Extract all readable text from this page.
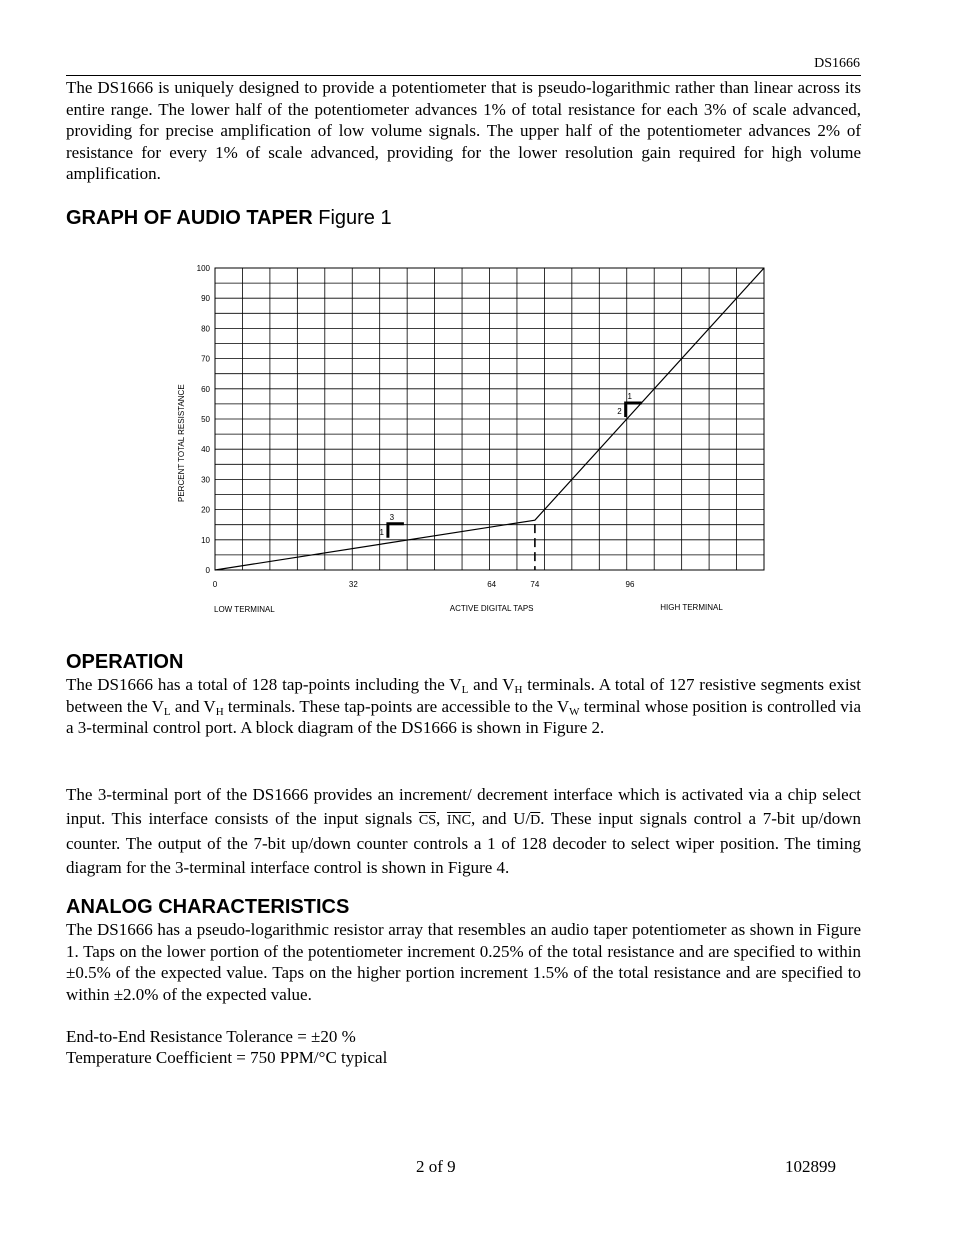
DS1666

The DS1666 is uniquely designed to provide a potentiometer that is pseudo-logarithmic rather than linear across its entire range. The lower half of the potentiometer advances 1% of total resistance for each 3% of scale advanced, providing for precise amplification of low volume signals. The upper half of the potentiometer advances 2% of resistance for every 1% of scale advanced, providing for the lower resolution gain required for high volume amplification.

GRAPH OF AUDIO TAPER Figure 1
0
10
20
30
40
50
60
70
80
90
100
0	32	64	74	96
PERCENT TOTAL RESISTANCE
ACTIVE DIGITAL TAPS
LOW TERMINAL	HIGH TERMINAL
1
3
2
1
OPERATION

The DS1666 has a total of 128 tap-points including the $V_L$ and $V_H$ terminals. A total of 127 resistive segments exist between the $V_L$ and $V_H$ terminals. These tap-points are accessible to the $V_W$ terminal whose position is controlled via a 3-terminal control port. A block diagram of the DS1666 is shown in Figure 2.

The 3-terminal port of the DS1666 provides an increment/ decrement interface which is activated via a chip select input. This interface consists of the input signals $\overline{CS}$, $\overline{INC}$, and $U/\overline{D}$. These input signals control a 7-bit up/down counter. The output of the 7-bit up/down counter controls a 1 of 128 decoder to select wiper position. The timing diagram for the 3-terminal interface control is shown in Figure 4.

ANALOG CHARACTERISTICS

The DS1666 has a pseudo-logarithmic resistor array that resembles an audio taper potentiometer as shown in Figure 1. Taps on the lower portion of the potentiometer increment 0.25% of the total resistance and are specified to within ±0.5% of the expected value. Taps on the higher portion increment 1.5% of the total resistance and are specified to within ±2.0% of the expected value.

End-to-End Resistance Tolerance = ±20 %
Temperature Coefficient = 750 PPM/°C typical
2 of 9	102899
